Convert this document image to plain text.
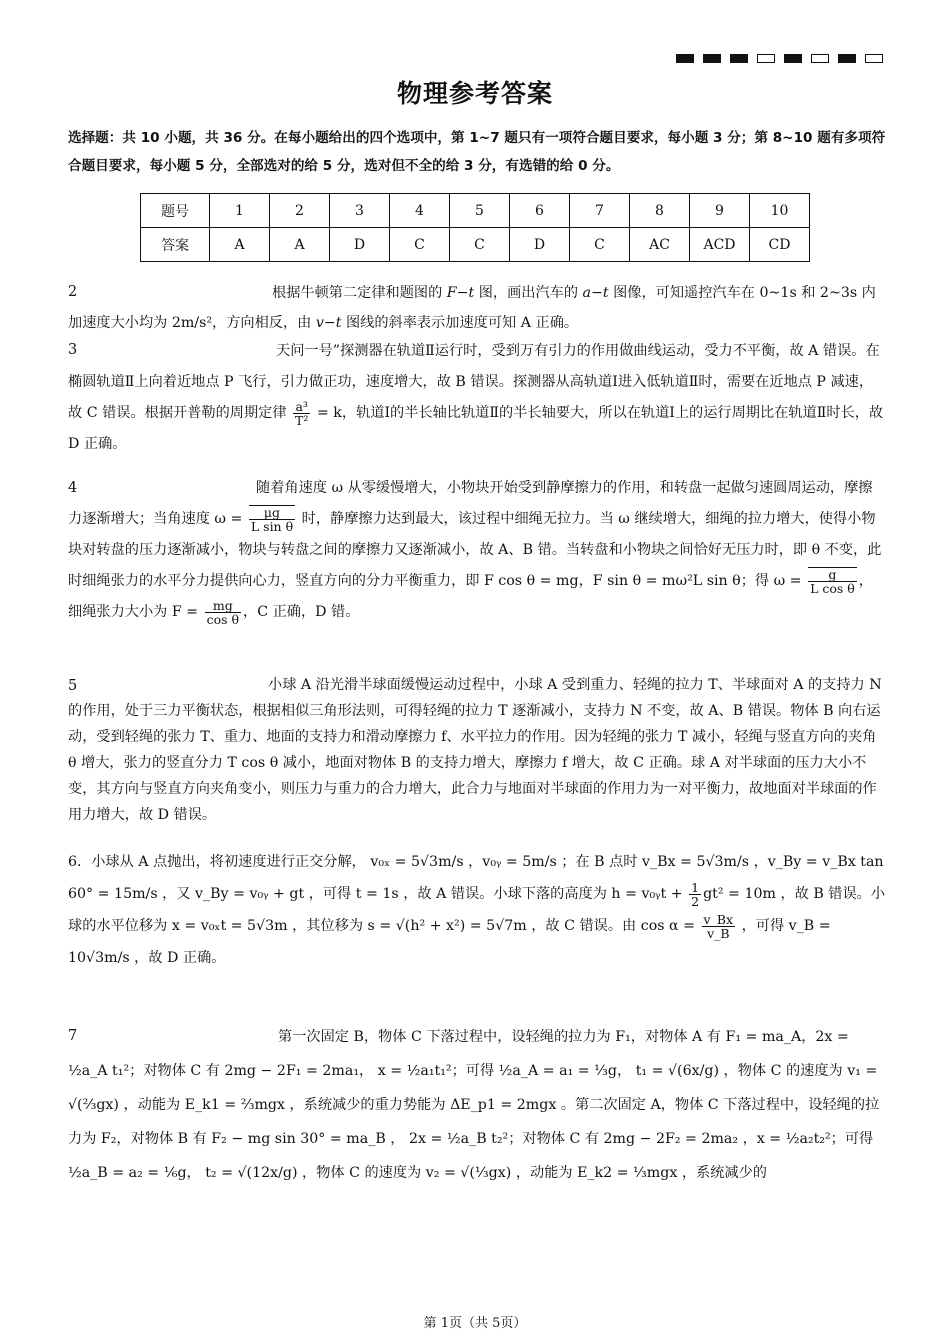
物理参考答案
选择题：共 10 小题，共 36 分。在每小题给出的四个选项中，第 1~7 题只有一项符合题目要求，每小题 3 分；第 8~10 题有多项符合题目要求，每小题 5 分，全部选对的给 5 分，选对但不全的给 3 分，有选错的给 0 分。
题号	1	2	3	4	5	6	7	8	9	10
答案	A	A	D	C	C	D	C	AC	ACD	CD
2	根据牛顿第二定律和题图的 F−t 图，画出汽车的 a−t 图像，可知遥控汽车在 0~1s 和 2~3s 内加速度大小均为 2m/s²，方向相反，由 v−t 图线的斜率表示加速度可知 A 正确。
3	天问一号”探测器在轨道Ⅱ运行时，受到万有引力的作用做曲线运动，受力不平衡，故 A 错误。在椭圆轨道Ⅱ上向着近地点 P 飞行，引力做正功，速度增大，故 B 错误。探测器从高轨道Ⅰ进入低轨道Ⅱ时，需要在近地点 P 减速，故 C 错误。根据开普勒的周期定律 $\frac{\text{a³}}{\text{T²}} = k$，轨道Ⅰ的半长轴比轨道Ⅱ的半长轴要大，所以在轨道Ⅰ上的运行周期比在轨道Ⅱ时长，故 D 正确。
4	随着角速度 ω 从零缓慢增大，小物块开始受到静摩擦力的作用，和转盘一起做匀速圆周运动，摩擦力逐渐增大；当角速度 $\omega = \frac{\mu g}{\text{L sin θ}}$ 时，静摩擦力达到最大，该过程中细绳无拉力。当 ω 继续增大，细绳的拉力增大，使得小物块对转盘的压力逐渐减小，物块与转盘之间的摩擦力又逐渐减小，故 A、B 错。当转盘和小物块之间恰好无压力时，即 θ 不变，此时细绳张力的水平分力提供向心力，竖直方向的分力平衡重力，即 F cos θ = mg，F sin θ = mω²L sin θ；得 $\omega = \frac{g}{\text{L cos θ}}$ ，细绳张力大小为 $F = \frac{mg}{\text{cos θ}}$ ，C 正确，D 错。
5	小球 A 沿光滑半球面缓慢运动过程中，小球 A 受到重力、轻绳的拉力 T、半球面对 A 的支持力 N 的作用，处于三力平衡状态，根据相似三角形法则，可得轻绳的拉力 T 逐渐减小，支持力 N 不变，故 A、B 错误。物体 B 向右运动，受到轻绳的张力 T、重力、地面的支持力和滑动摩擦力 f、水平拉力的作用。因为轻绳的张力 T 减小，轻绳与竖直方向的夹角 θ 增大，张力的竖直分力 T cos θ 减小，地面对物体 B 的支持力增大，摩擦力 f 增大，故 C 正确。球 A 对半球面的压力大小不变，其方向与竖直方向夹角变小，则压力与重力的合力增大，此合力与地面对半球面的作用力为一对平衡力，故地面对半球面的作用力增大，故 D 错误。
6．小球从 A 点抛出，将初速度进行正交分解， v₀ₓ = 5√3m/s ，v₀ᵧ = 5m/s ；在 B 点时 v_Bx = 5√3m/s ，v_By = v_Bx tan 60° = 15m/s ，又 v_By = v₀ᵧ + gt ，可得 t = 1s ，故 A 错误。小球下落的高度为 h = v₀ᵧt + $\frac{1}{2} gt^2 = 10m$ ，故 B 错误。小球的水平位移为 x = v₀ₓt = 5√3m ，其位移为 s = √(h² + x²) = 5√7m ，故 C 错误。由 $\cos \alpha = \frac{v\_Bx}{v\_B}$ ，可得 v_B = 10√3m/s ，故 D 正确。
7	第一次固定 B，物体 C 下落过程中，设轻绳的拉力为 F₁，对物体 A 有 F₁ = ma_A，2x = ½a_A t₁²；对物体 C 有 2mg − 2F₁ = 2ma₁， x = ½a₁t₁²；可得 ½a_A = a₁ = ⅓g， t₁ = √(6x/g) ，物体 C 的速度为 v₁ = √(⅔gx) ，动能为 E_k1 = ⅔mgx ，系统减少的重力势能为 ΔE_p1 = 2mgx 。第二次固定 A，物体 C 下落过程中，设轻绳的拉力为 F₂，对物体 B 有 F₂ − mg sin 30° = ma_B ， 2x = ½a_B t₂²；对物体 C 有 2mg − 2F₂ = 2ma₂ ，x = ½a₂t₂²；可得 ½a_B = a₂ = ⅙g， t₂ = √(12x/g) ，物体 C 的速度为 v₂ = √(⅓gx) ，动能为 E_k2 = ⅓mgx ，系统减少的
第 1页（共 5页）
